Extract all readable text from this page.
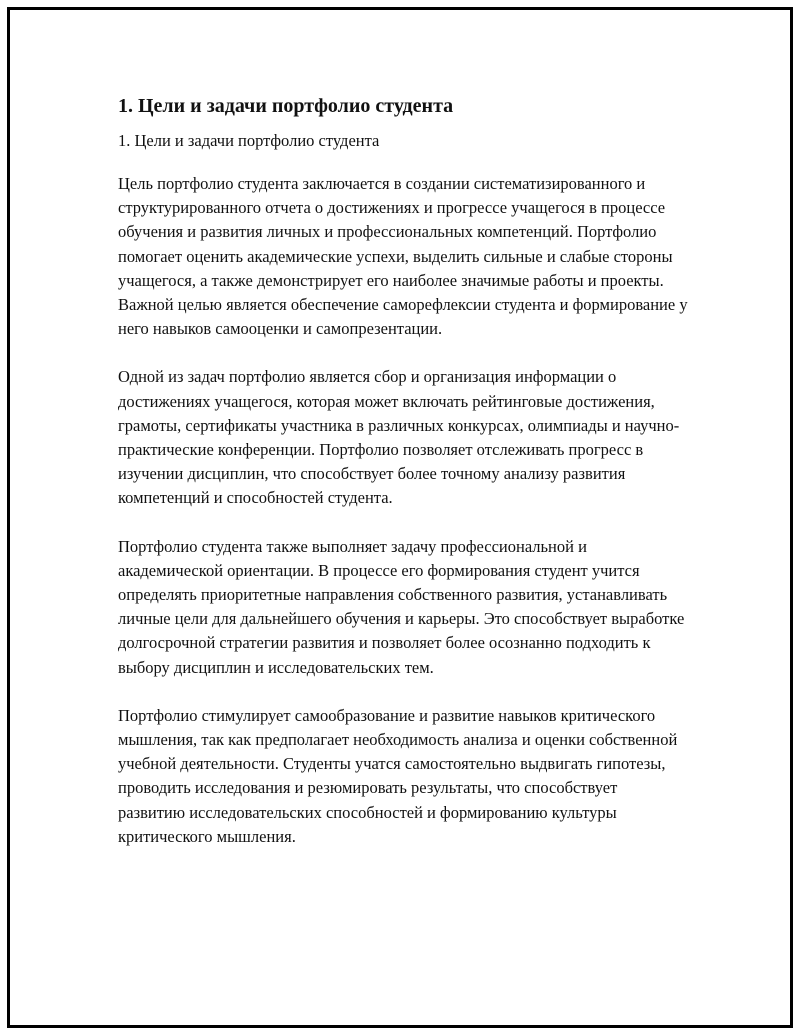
1. Цели и задачи портфолио студента
1. Цели и задачи портфолио студента

Цель портфолио студента заключается в создании систематизированного и структурированного отчета о достижениях и прогрессе учащегося в процессе обучения и развития личных и профессиональных компетенций. Портфолио помогает оценить академические успехи, выделить сильные и слабые стороны учащегося, а также демонстрирует его наиболее значимые работы и проекты. Важной целью является обеспечение саморефлексии студента и формирование у него навыков самооценки и самопрезентации.

Одной из задач портфолио является сбор и организация информации о достижениях учащегося, которая может включать рейтинговые достижения, грамоты, сертификаты участника в различных конкурсах, олимпиады и научно-практические конференции. Портфолио позволяет отслеживать прогресс в изучении дисциплин, что способствует более точному анализу развития компетенций и способностей студента.

Портфолио студента также выполняет задачу профессиональной и академической ориентации. В процессе его формирования студент учится определять приоритетные направления собственного развития, устанавливать личные цели для дальнейшего обучения и карьеры. Это способствует выработке долгосрочной стратегии развития и позволяет более осознанно подходить к выбору дисциплин и исследовательских тем.

Портфолио стимулирует самообразование и развитие навыков критического мышления, так как предполагает необходимость анализа и оценки собственной учебной деятельности. Студенты учатся самостоятельно выдвигать гипотезы, проводить исследования и резюмировать результаты, что способствует развитию исследовательских способностей и формированию культуры критического мышления.
